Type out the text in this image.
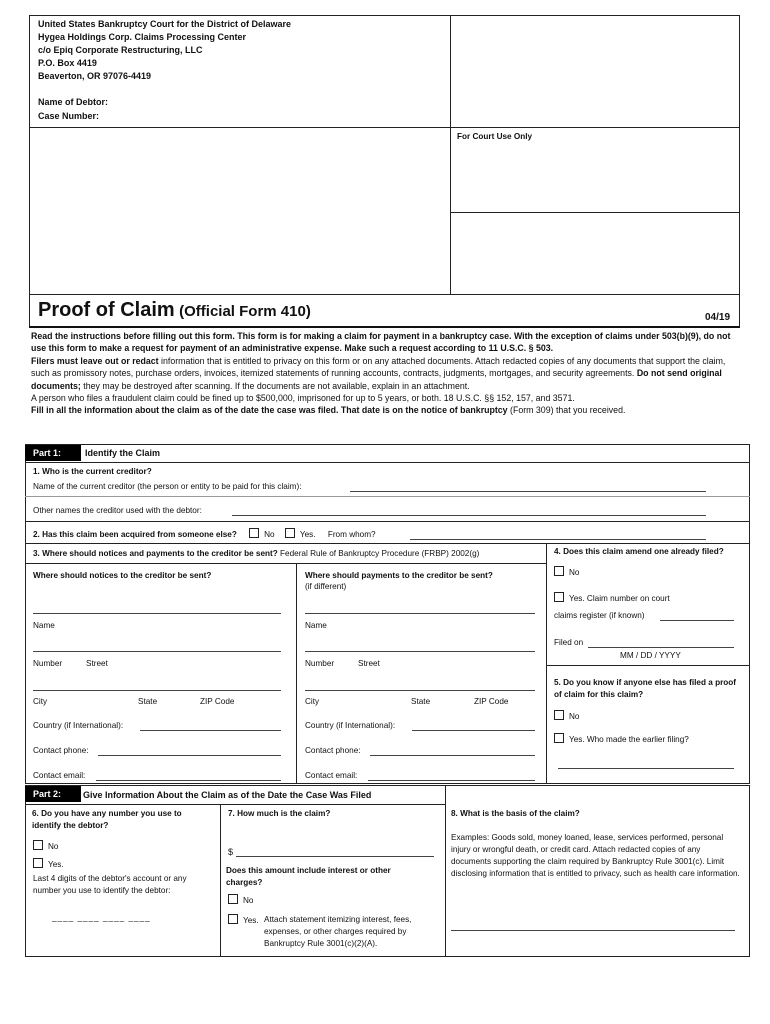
United States Bankruptcy Court for the District of Delaware
Hygea Holdings Corp. Claims Processing Center
c/o Epiq Corporate Restructuring, LLC
P.O. Box 4419
Beaverton, OR 97076-4419
Name of Debtor:
Case Number:
For Court Use Only
Proof of Claim (Official Form 410)	04/19
Read the instructions before filling out this form. This form is for making a claim for payment in a bankruptcy case. With the exception of claims under 503(b)(9), do not use this form to make a request for payment of an administrative expense. Make such a request according to 11 U.S.C. § 503.
Filers must leave out or redact information that is entitled to privacy on this form or on any attached documents. Attach redacted copies of any documents that support the claim, such as promissory notes, purchase orders, invoices, itemized statements of running accounts, contracts, judgments, mortgages, and security agreements. Do not send original documents; they may be destroyed after scanning. If the documents are not available, explain in an attachment.
A person who files a fraudulent claim could be fined up to $500,000, imprisoned for up to 5 years, or both. 18 U.S.C. §§ 152, 157, and 3571.
Fill in all the information about the claim as of the date the case was filed. That date is on the notice of bankruptcy (Form 309) that you received.
Part 1:	Identify the Claim
1. Who is the current creditor?
Name of the current creditor (the person or entity to be paid for this claim):
Other names the creditor used with the debtor:
2. Has this claim been acquired from someone else?	No	Yes. From whom?
3. Where should notices and payments to the creditor be sent? Federal Rule of Bankruptcy Procedure (FRBP) 2002(g)
Where should notices to the creditor be sent?
Name
Number	Street
City	State	ZIP Code
Country (if International):
Contact phone:
Contact email:
Where should payments to the creditor be sent?
(if different)
Name
Number	Street
City	State	ZIP Code
Country (if International):
Contact phone:
Contact email:
4. Does this claim amend one already filed?
No
Yes. Claim number on court
claims register (if known)
Filed on
MM / DD / YYYY
5. Do you know if anyone else has filed a proof of claim for this claim?
No
Yes. Who made the earlier filing?
Part 2:	Give Information About the Claim as of the Date the Case Was Filed
6. Do you have any number you use to identify the debtor?
No
Yes.
Last 4 digits of the debtor's account or any number you use to identify the debtor:
____ ____ ____ ____
7. How much is the claim?
$
Does this amount include interest or other charges?
No
Yes. Attach statement itemizing interest, fees, expenses, or other charges required by Bankruptcy Rule 3001(c)(2)(A).
8. What is the basis of the claim?
Examples: Goods sold, money loaned, lease, services performed, personal injury or wrongful death, or credit card. Attach redacted copies of any documents supporting the claim required by Bankruptcy Rule 3001(c). Limit disclosing information that is entitled to privacy, such as health care information.
